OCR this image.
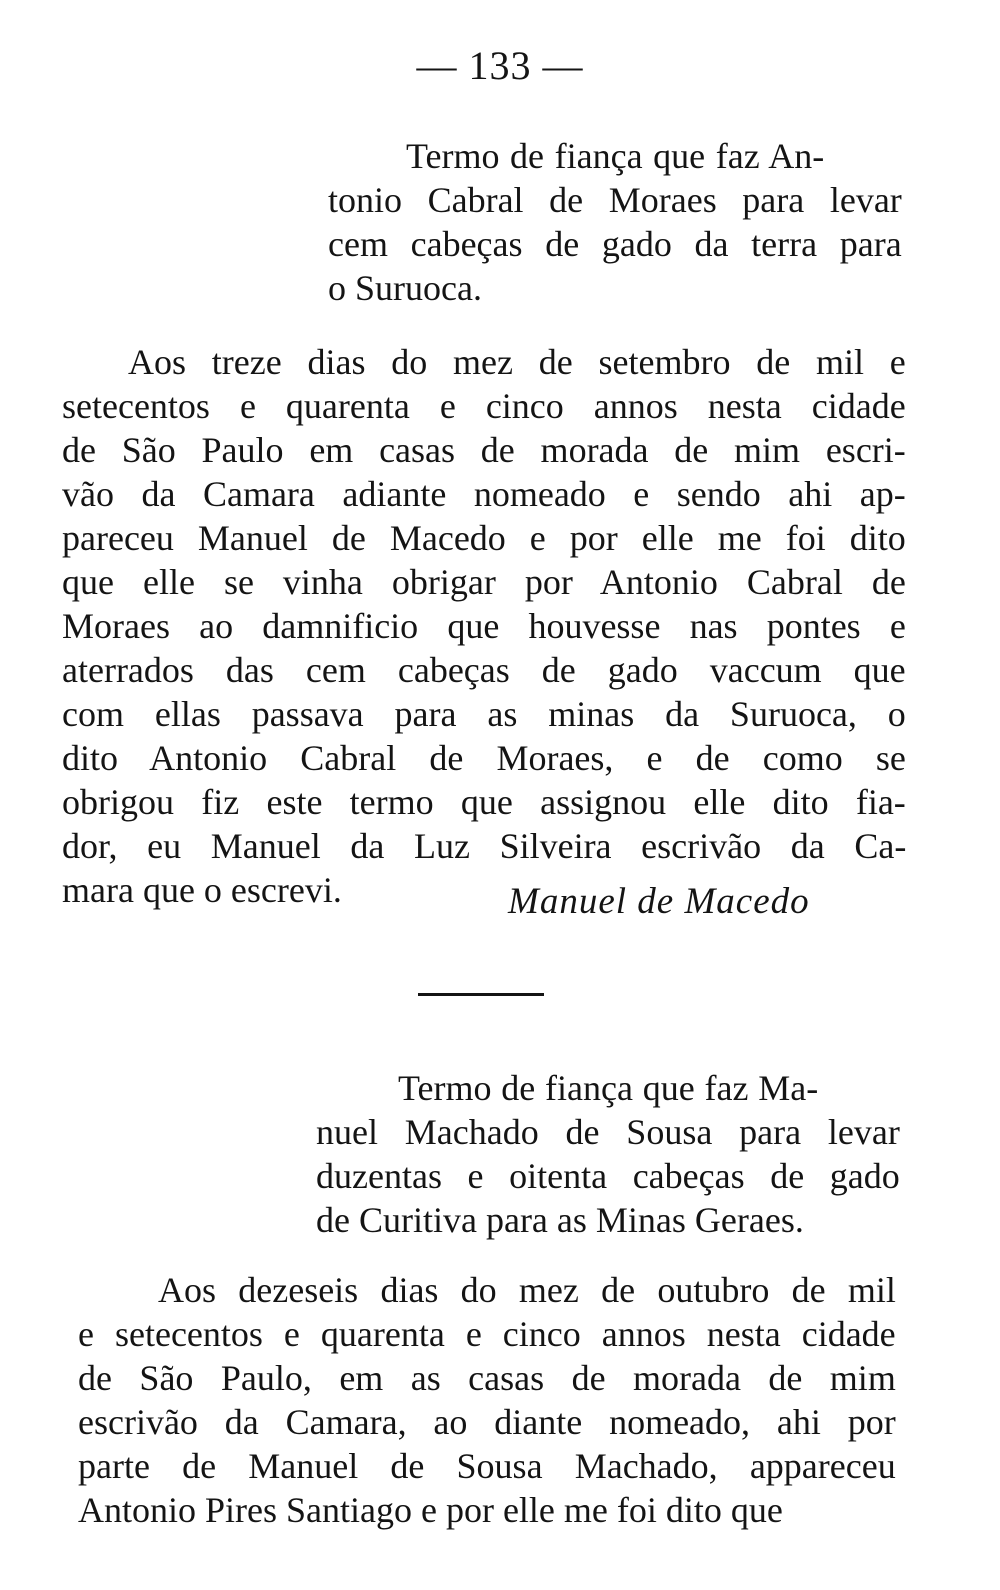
— 133 —
Termo de fiança que faz An-
tonio Cabral de Moraes para levar
cem cabeças de gado da terra para
o Suruoca.
Aos treze dias do mez de setembro de mil e
setecentos e quarenta e cinco annos nesta cidade
de São Paulo em casas de morada de mim escri-
vão da Camara adiante nomeado e sendo ahi ap-
pareceu Manuel de Macedo e por elle me foi dito
que elle se vinha obrigar por Antonio Cabral de
Moraes ao damnificio que houvesse nas pontes e
aterrados das cem cabeças de gado vaccum que
com ellas passava para as minas da Suruoca, o
dito Antonio Cabral de Moraes, e de como se
obrigou fiz este termo que assignou elle dito fia-
dor, eu Manuel da Luz Silveira escrivão da Ca-
mara que o escrevi.	Manuel de Macedo
Termo de fiança que faz Ma-
nuel Machado de Sousa para levar
duzentas e oitenta cabeças de gado
de Curitiva para as Minas Geraes.
Aos dezeseis dias do mez de outubro de mil
e setecentos e quarenta e cinco annos nesta cidade
de São Paulo, em as casas de morada de mim
escrivão da Camara, ao diante nomeado, ahi por
parte de Manuel de Sousa Machado, appareceu
Antonio Pires Santiago e por elle me foi dito que
